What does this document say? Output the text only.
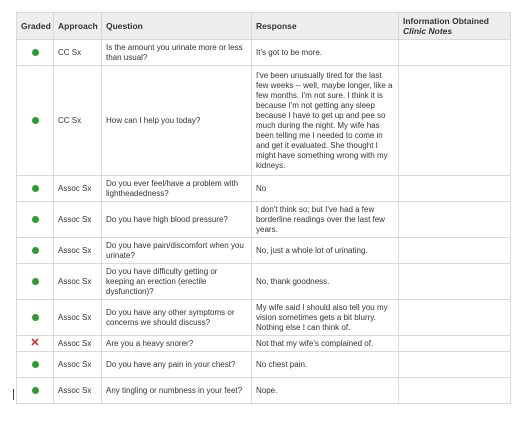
Graded	Approach	Question	Response	Information Obtained
Clinic Notes

	CC Sx	Is the amount you urinate more or less than usual?	It's got to be more.	
	CC Sx	How can I help you today?	I've been unusually tired for the last few weeks -- well, maybe longer, like a few months. I'm not sure. I think it is because I'm not getting any sleep because I have to get up and pee so much during the night. My wife has been telling me I needed to come in and get it evaluated. She thought I might have something wrong with my kidneys.	
	Assoc Sx	Do you ever feel/have a problem with lightheadedness?	No	
	Assoc Sx	Do you have high blood pressure?	I don't think so; but I've had a few borderline readings over the last few years.	
	Assoc Sx	Do you have pain/discomfort when you urinate?	No, just a whole lot of urinating.	
	Assoc Sx	Do you have difficulty getting or keeping an erection (erectile dysfunction)?	No, thank goodness.	
	Assoc Sx	Do you have any other symptoms or concerns we should discuss?	My wife said I should also tell you my vision sometimes gets a bit blurry. Nothing else I can think of.	
✕	Assoc Sx	Are you a heavy snorer?	Not that my wife's complained of.	
	Assoc Sx	Do you have any pain in your chest?	No chest pain.	
	Assoc Sx	Any tingling or numbness in your feet?	Nope.	
